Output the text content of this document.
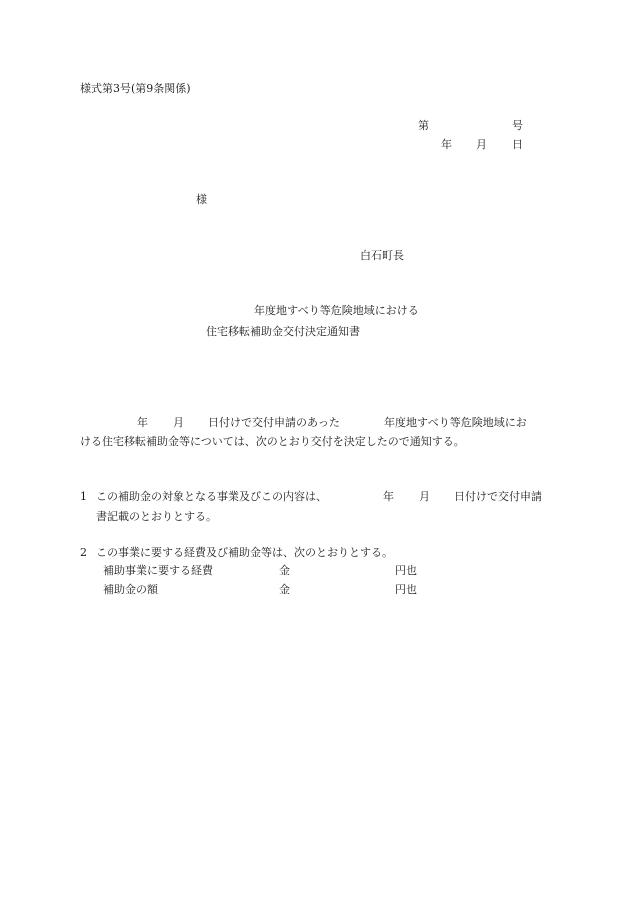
様式第3号(第9条関係)
第	号
年 月 日
様
白石町長
年度地すべり等危険地域における
住宅移転補助金交付決定通知書
年 月 日付けで交付申請のあった	年度地すべり等危険地域にお
ける住宅移転補助金等については、次のとおり交付を決定したので通知する。
1 この補助金の対象となる事業及びこの内容は、	年 月 日付けで交付申請
書記載のとおりとする。
2 この事業に要する経費及び補助金等は、次のとおりとする。
補助事業に要する経費	金	円也
補助金の額	金	円也
